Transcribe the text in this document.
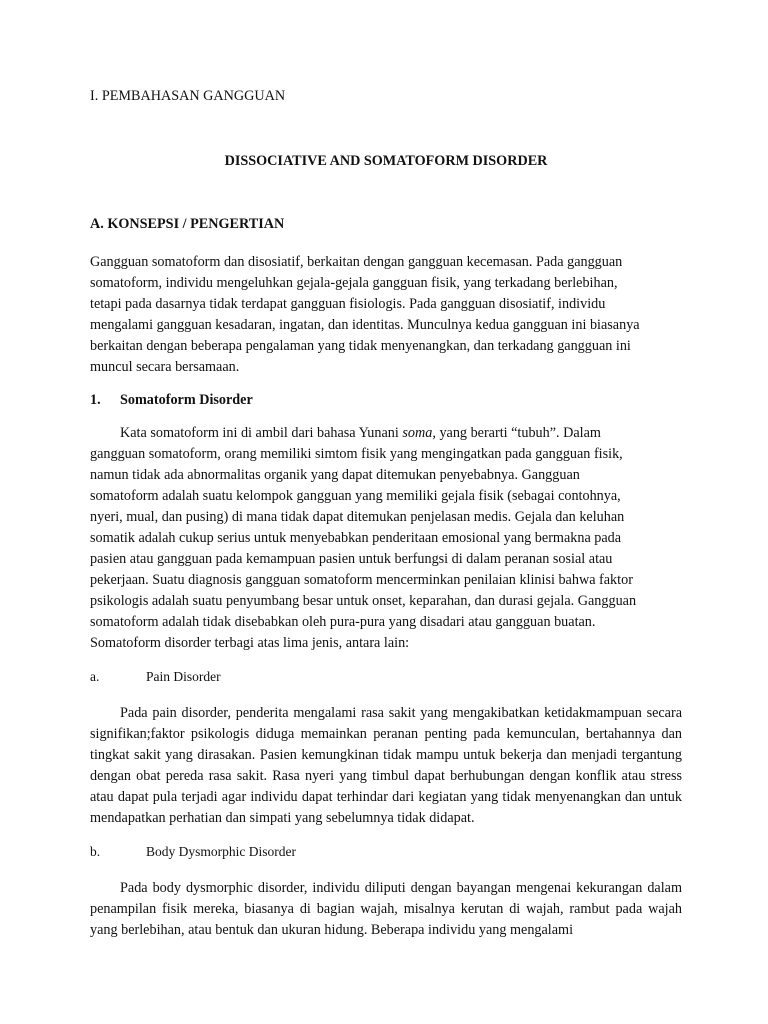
I. PEMBAHASAN GANGGUAN

DISSOCIATIVE AND SOMATOFORM DISORDER

A. KONSEPSI / PENGERTIAN

Gangguan somatoform dan disosiatif, berkaitan dengan gangguan kecemasan. Pada gangguan
somatoform, individu mengeluhkan gejala-gejala gangguan fisik, yang terkadang berlebihan,
tetapi pada dasarnya tidak terdapat gangguan fisiologis. Pada gangguan disosiatif, individu
mengalami gangguan kesadaran, ingatan, dan identitas. Munculnya kedua gangguan ini biasanya
berkaitan dengan beberapa pengalaman yang tidak menyenangkan, dan terkadang gangguan ini
muncul secara bersamaan.
1.	Somatoform Disorder
Kata somatoform ini di ambil dari bahasa Yunani soma, yang berarti “tubuh”. Dalam
gangguan somatoform, orang memiliki simtom fisik yang mengingatkan pada gangguan fisik,
namun tidak ada abnormalitas organik yang dapat ditemukan penyebabnya. Gangguan
somatoform adalah suatu kelompok gangguan yang memiliki gejala fisik (sebagai contohnya,
nyeri, mual, dan pusing) di mana tidak dapat ditemukan penjelasan medis. Gejala dan keluhan
somatik adalah cukup serius untuk menyebabkan penderitaan emosional yang bermakna pada
pasien atau gangguan pada kemampuan pasien untuk berfungsi di dalam peranan sosial atau
pekerjaan. Suatu diagnosis gangguan somatoform mencerminkan penilaian klinisi bahwa faktor
psikologis adalah suatu penyumbang besar untuk onset, keparahan, dan durasi gejala. Gangguan
somatoform adalah tidak disebabkan oleh pura-pura yang disadari atau gangguan buatan.
Somatoform disorder terbagi atas lima jenis, antara lain:
a.	Pain Disorder

Pada pain disorder, penderita mengalami rasa sakit yang mengakibatkan ketidakmampuan secara signifikan;faktor psikologis diduga memainkan peranan penting pada kemunculan, bertahannya dan tingkat sakit yang dirasakan. Pasien kemungkinan tidak mampu untuk bekerja dan menjadi tergantung dengan obat pereda rasa sakit. Rasa nyeri yang timbul dapat berhubungan dengan konflik atau stress atau dapat pula terjadi agar individu dapat terhindar dari kegiatan yang tidak menyenangkan dan untuk mendapatkan perhatian dan simpati yang sebelumnya tidak didapat.

b.	Body Dysmorphic Disorder

Pada body dysmorphic disorder, individu diliputi dengan bayangan mengenai kekurangan dalam penampilan fisik mereka, biasanya di bagian wajah, misalnya kerutan di wajah, rambut pada wajah yang berlebihan, atau bentuk dan ukuran hidung. Beberapa individu yang mengalami
